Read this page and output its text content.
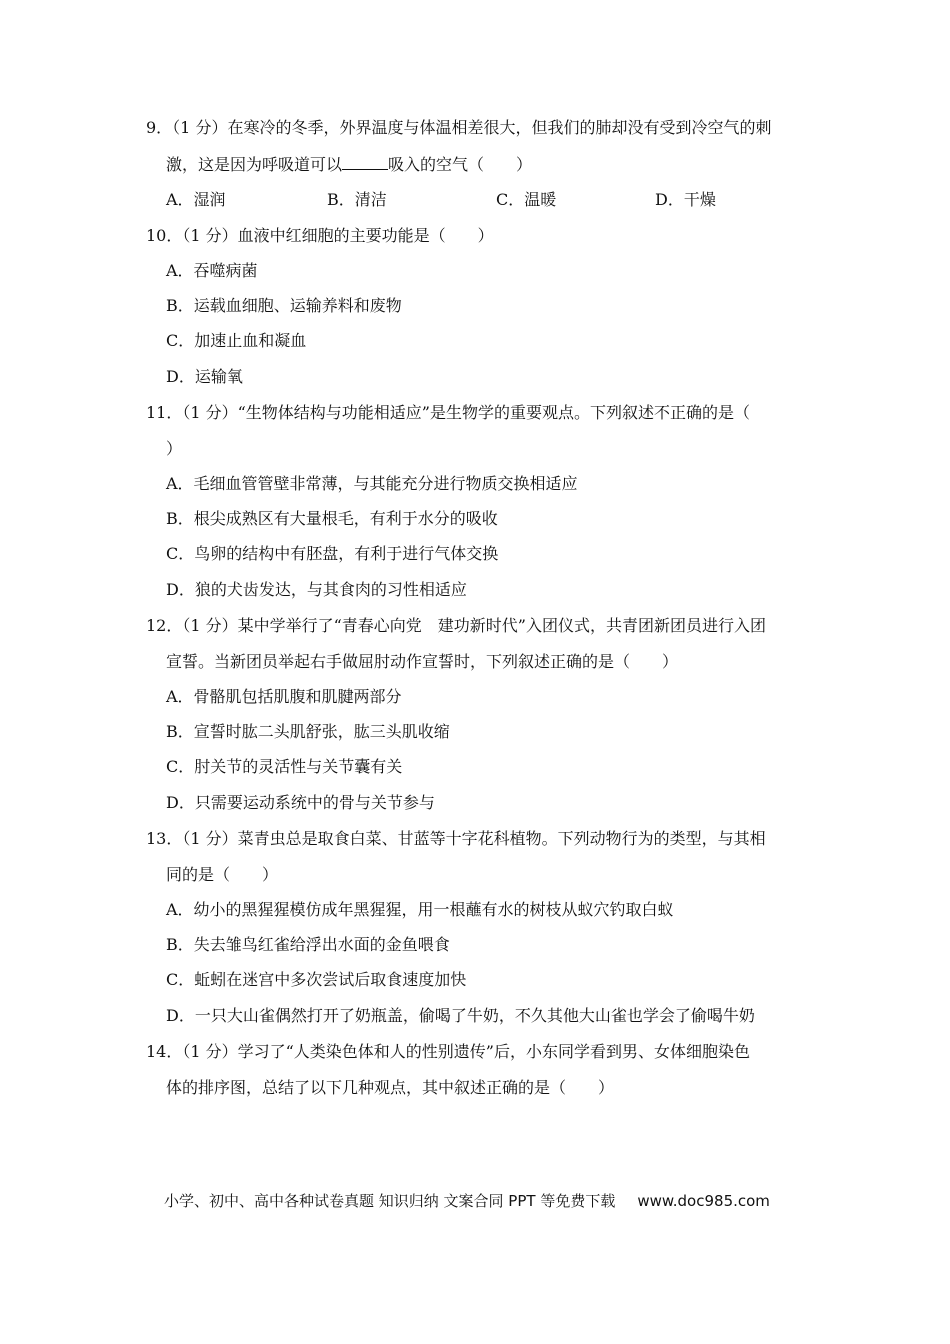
9．（1 分）在寒冷的冬季，外界温度与体温相差很大，但我们的肺却没有受到冷空气的刺
激，这是因为呼吸道可以	吸入的空气（　　）
A．湿润	B．清洁	C．温暖	D．干燥
10．（1 分）血液中红细胞的主要功能是（　　）
A．吞噬病菌
B．运载血细胞、运输养料和废物
C．加速止血和凝血
D．运输氧
11．（1 分）“生物体结构与功能相适应”是生物学的重要观点。下列叙述不正确的是（
）
A．毛细血管管壁非常薄，与其能充分进行物质交换相适应
B．根尖成熟区有大量根毛，有利于水分的吸收
C．鸟卵的结构中有胚盘，有利于进行气体交换
D．狼的犬齿发达，与其食肉的习性相适应
12．（1 分）某中学举行了“青春心向党　建功新时代”入团仪式，共青团新团员进行入团
宣誓。当新团员举起右手做屈肘动作宣誓时，下列叙述正确的是（　　）
A．骨骼肌包括肌腹和肌腱两部分
B．宣誓时肱二头肌舒张，肱三头肌收缩
C．肘关节的灵活性与关节囊有关
D．只需要运动系统中的骨与关节参与
13．（1 分）菜青虫总是取食白菜、甘蓝等十字花科植物。下列动物行为的类型，与其相
同的是（　　）
A．幼小的黑猩猩模仿成年黑猩猩，用一根蘸有水的树枝从蚁穴钓取白蚁
B．失去雏鸟红雀给浮出水面的金鱼喂食
C．蚯蚓在迷宫中多次尝试后取食速度加快
D．一只大山雀偶然打开了奶瓶盖，偷喝了牛奶，不久其他大山雀也学会了偷喝牛奶
14．（1 分）学习了“人类染色体和人的性别遗传”后，小东同学看到男、女体细胞染色
体的排序图，总结了以下几种观点，其中叙述正确的是（　　）
小学、初中、高中各种试卷真题 知识归纳 文案合同 PPT 等免费下载 www.doc985.com
